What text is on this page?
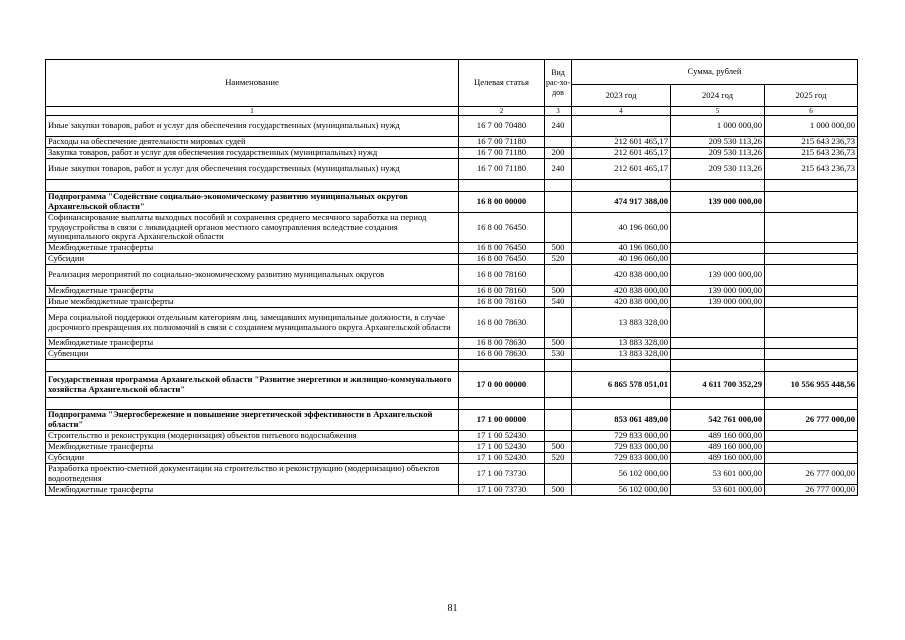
Наименование	Целевая статья	Вид рас-хо-дов	Сумма, рублей		
			2023 год	2024 год	2025 год
1	2	3	4	5	6
Иные закупки товаров, работ и услуг для обеспечения государственных (муниципальных) нужд	16 7 00 70480	240		1 000 000,00	1 000 000,00
Расходы на обеспечение деятельности мировых судей	16 7 00 71180		212 601 465,17	209 530 113,26	215 643 236,73
Закупка товаров, работ и услуг для обеспечения государственных (муниципальных) нужд	16 7 00 71180	200	212 601 465,17	209 530 113,26	215 643 236,73
Иные закупки товаров, работ и услуг для обеспечения государственных (муниципальных) нужд	16 7 00 71180	240	212 601 465,17	209 530 113,26	215 643 236,73

Подпрограмма "Содействие социально-экономическому развитию муниципальных округов Архангельской области"	16 8 00 00000		474 917 388,00	139 000 000,00	
Софинансирование выплаты выходных пособий и сохранения среднего месячного заработка на период трудоустройства в связи с ликвидацией органов местного самоуправления вследствие создания муниципального округа Архангельской области	16 8 00 76450		40 196 060,00		
Межбюджетные трансферты	16 8 00 76450	500	40 196 060,00		
Субсидии	16 8 00 76450	520	40 196 060,00		
Реализация мероприятий по социально-экономическому развитию муниципальных округов	16 8 00 78160		420 838 000,00	139 000 000,00	
Межбюджетные трансферты	16 8 00 78160	500	420 838 000,00	139 000 000,00	
Иные межбюджетные трансферты	16 8 00 78160	540	420 838 000,00	139 000 000,00	
Мера социальной поддержки отдельным категориям лиц, замещавших муниципальные должности, в случае досрочного прекращения их полномочий в связи с созданием муниципального округа Архангельской области	16 8 00 78630		13 883 328,00		
Межбюджетные трансферты	16 8 00 78630	500	13 883 328,00		
Субвенции	16 8 00 78630	530	13 883 328,00		

Государственная программа Архангельской области "Развитие энергетики и жилищно-коммунального хозяйства Архангельской области"	17 0 00 00000		6 865 578 051,01	4 611 700 352,29	10 556 955 448,56

Подпрограмма "Энергосбережение и повышение энергетической эффективности в Архангельской области"	17 1 00 00000		853 061 489,00	542 761 000,00	26 777 000,00
Строительство и реконструкция (модернизация) объектов питьевого водоснабжения	17 1 00 52430		729 833 000,00	489 160 000,00	
Межбюджетные трансферты	17 1 00 52430	500	729 833 000,00	489 160 000,00	
Субсидии	17 1 00 52430	520	729 833 000,00	489 160 000,00	
Разработка проектно-сметной документации на строительство и реконструкцию (модернизацию) объектов водоотведения	17 1 00 73730		56 102 000,00	53 601 000,00	26 777 000,00
Межбюджетные трансферты	17 1 00 73730	500	56 102 000,00	53 601 000,00	26 777 000,00
81
